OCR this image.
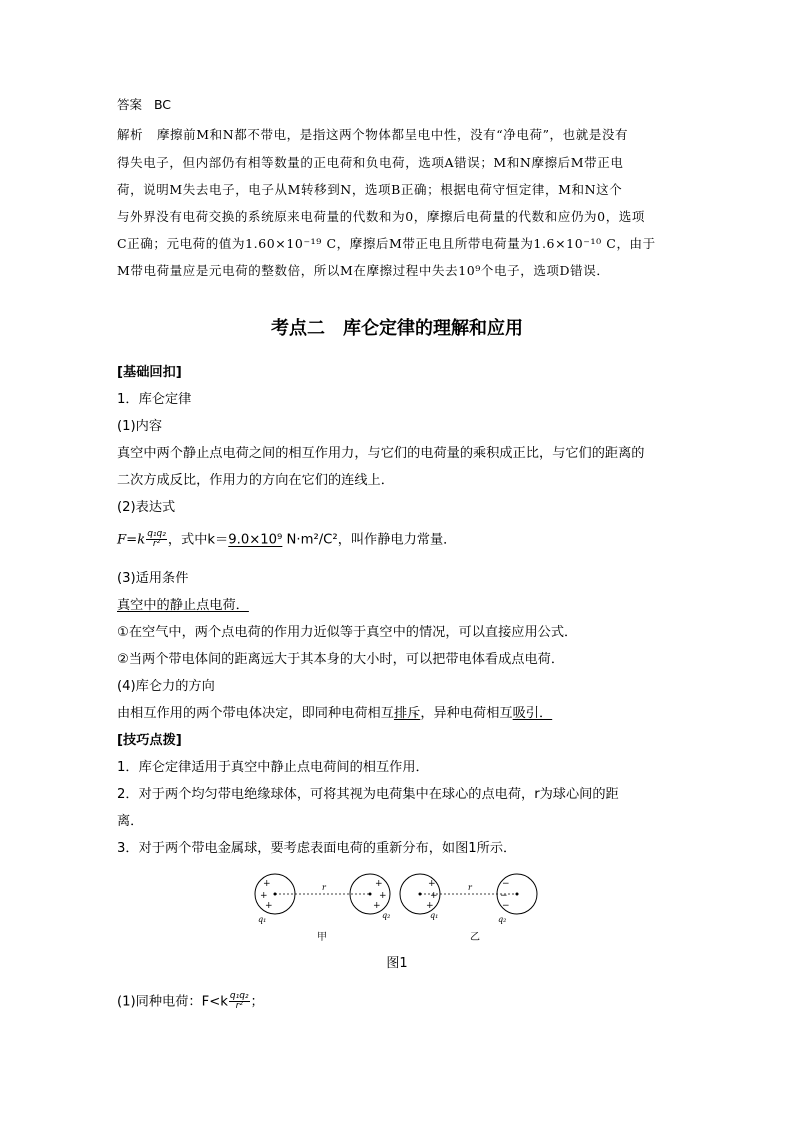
答案 BC
解析 摩擦前M和N都不带电，是指这两个物体都呈电中性，没有“净电荷”，也就是没有
得失电子，但内部仍有相等数量的正电荷和负电荷，选项A错误；M和N摩擦后M带正电
荷，说明M失去电子，电子从M转移到N，选项B正确；根据电荷守恒定律，M和N这个
与外界没有电荷交换的系统原来电荷量的代数和为0，摩擦后电荷量的代数和应仍为0，选项
C正确；元电荷的值为1.60×10⁻¹⁹ C，摩擦后M带正电且所带电荷量为1.6×10⁻¹⁰ C，由于
M带电荷量应是元电荷的整数倍，所以M在摩擦过程中失去10⁹个电子，选项D错误．
考点二　库仑定律的理解和应用
[基础回扣]
1．库仑定律
(1)内容
真空中两个静止点电荷之间的相互作用力，与它们的电荷量的乘积成正比，与它们的距离的
二次方成反比，作用力的方向在它们的连线上．
(2)表达式
$F=k \frac{\text{q₁q₂}}{\text{r²}}$ ，式中k＝9.0×10⁹ N·m²/C²，叫作静电力常量．
(3)适用条件
真空中的静止点电荷．
①在空气中，两个点电荷的作用力近似等于真空中的情况，可以直接应用公式．
②当两个带电体间的距离远大于其本身的大小时，可以把带电体看成点电荷．
(4)库仑力的方向
由相互作用的两个带电体决定，即同种电荷相互排斥，异种电荷相互吸引．
[技巧点拨]
1．库仑定律适用于真空中静止点电荷间的相互作用．
2．对于两个均匀带电绝缘球体，可将其视为电荷集中在球心的点电荷，r为球心间的距
离．
3．对于两个带电金属球，要考虑表面电荷的重新分布，如图1所示．
+
+
+
+
+
+
r
q₁	q₂
甲
+
+
+
−
−
−
r
q₁	q₂
乙
图1
(1)同种电荷：$F<k \frac{\text{q₁q₂}}{\text{r²}}$ ；
